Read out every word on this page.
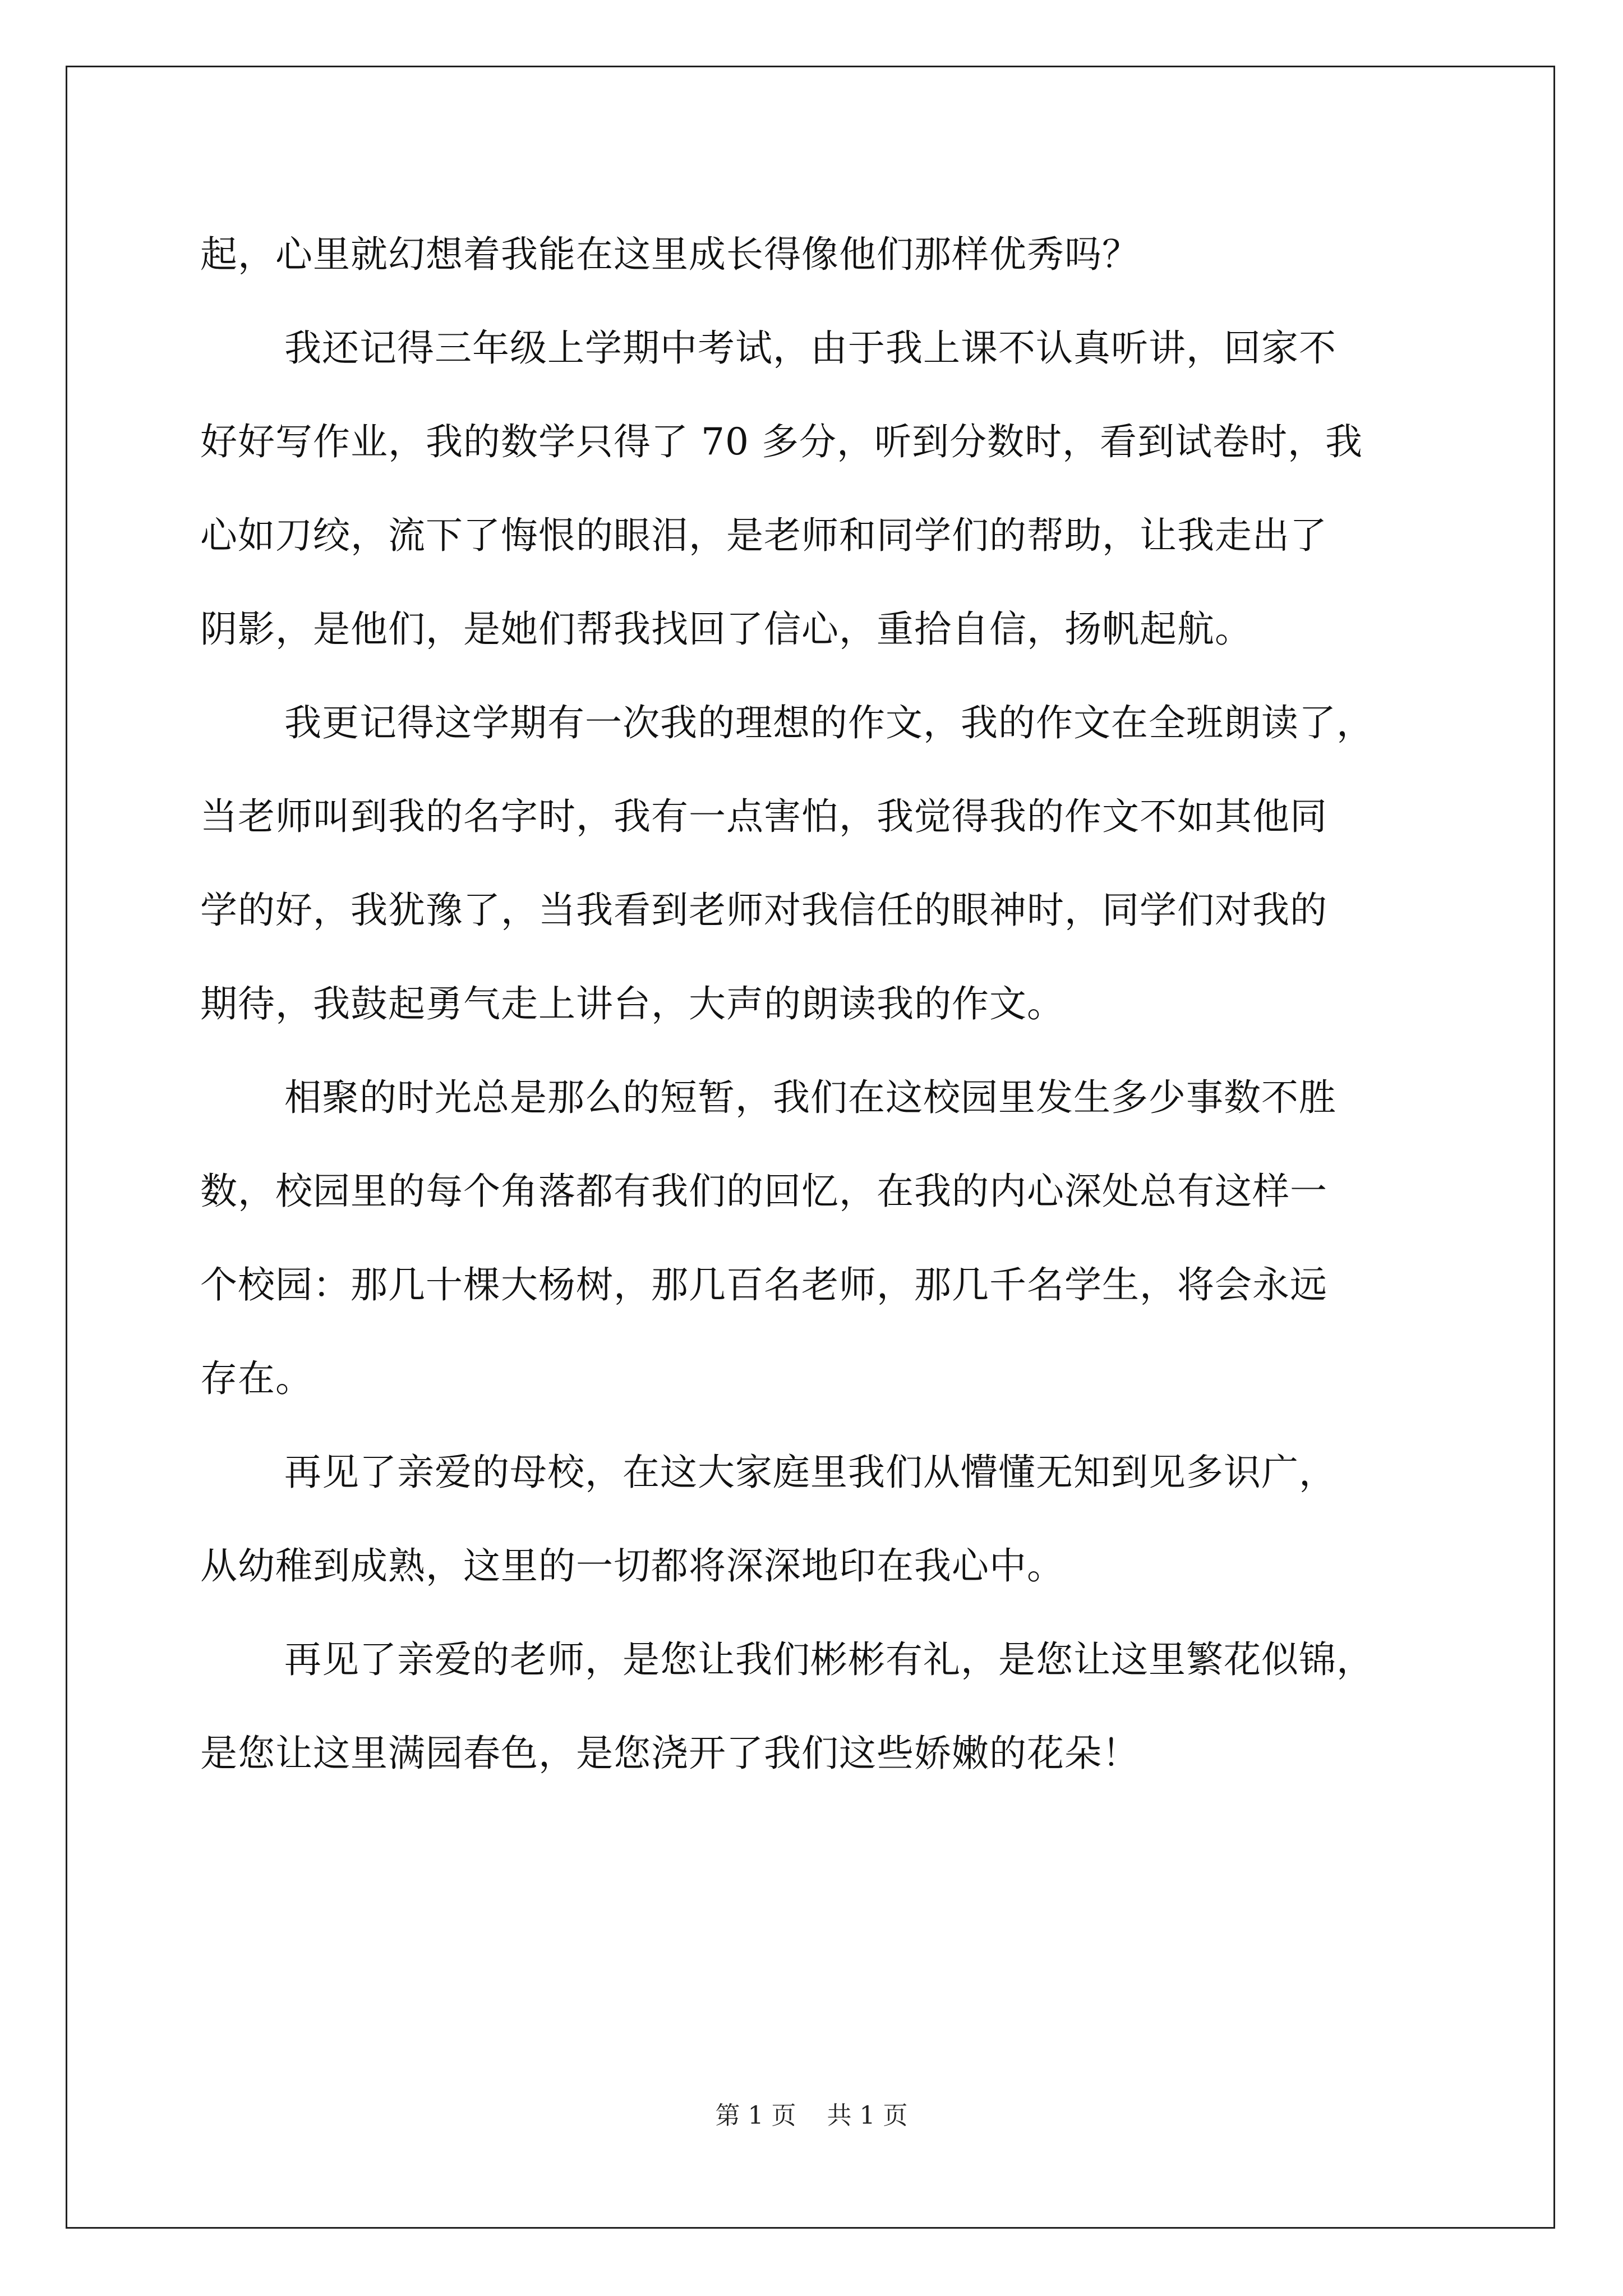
起，心里就幻想着我能在这里成长得像他们那样优秀吗？

我还记得三年级上学期中考试，由于我上课不认真听讲，回家不
好好写作业，我的数学只得了 70 多分，听到分数时，看到试卷时，我
心如刀绞，流下了悔恨的眼泪，是老师和同学们的帮助，让我走出了
阴影，是他们，是她们帮我找回了信心，重拾自信，扬帆起航。

我更记得这学期有一次我的理想的作文，我的作文在全班朗读了，
当老师叫到我的名字时，我有一点害怕，我觉得我的作文不如其他同
学的好，我犹豫了，当我看到老师对我信任的眼神时，同学们对我的
期待，我鼓起勇气走上讲台，大声的朗读我的作文。

相聚的时光总是那么的短暂，我们在这校园里发生多少事数不胜
数，校园里的每个角落都有我们的回忆，在我的内心深处总有这样一
个校园：那几十棵大杨树，那几百名老师，那几千名学生，将会永远
存在。

再见了亲爱的母校，在这大家庭里我们从懵懂无知到见多识广，
从幼稚到成熟，这里的一切都将深深地印在我心中。

再见了亲爱的老师，是您让我们彬彬有礼，是您让这里繁花似锦，
是您让这里满园春色，是您浇开了我们这些娇嫩的花朵！

第 1 页 共 1 页
